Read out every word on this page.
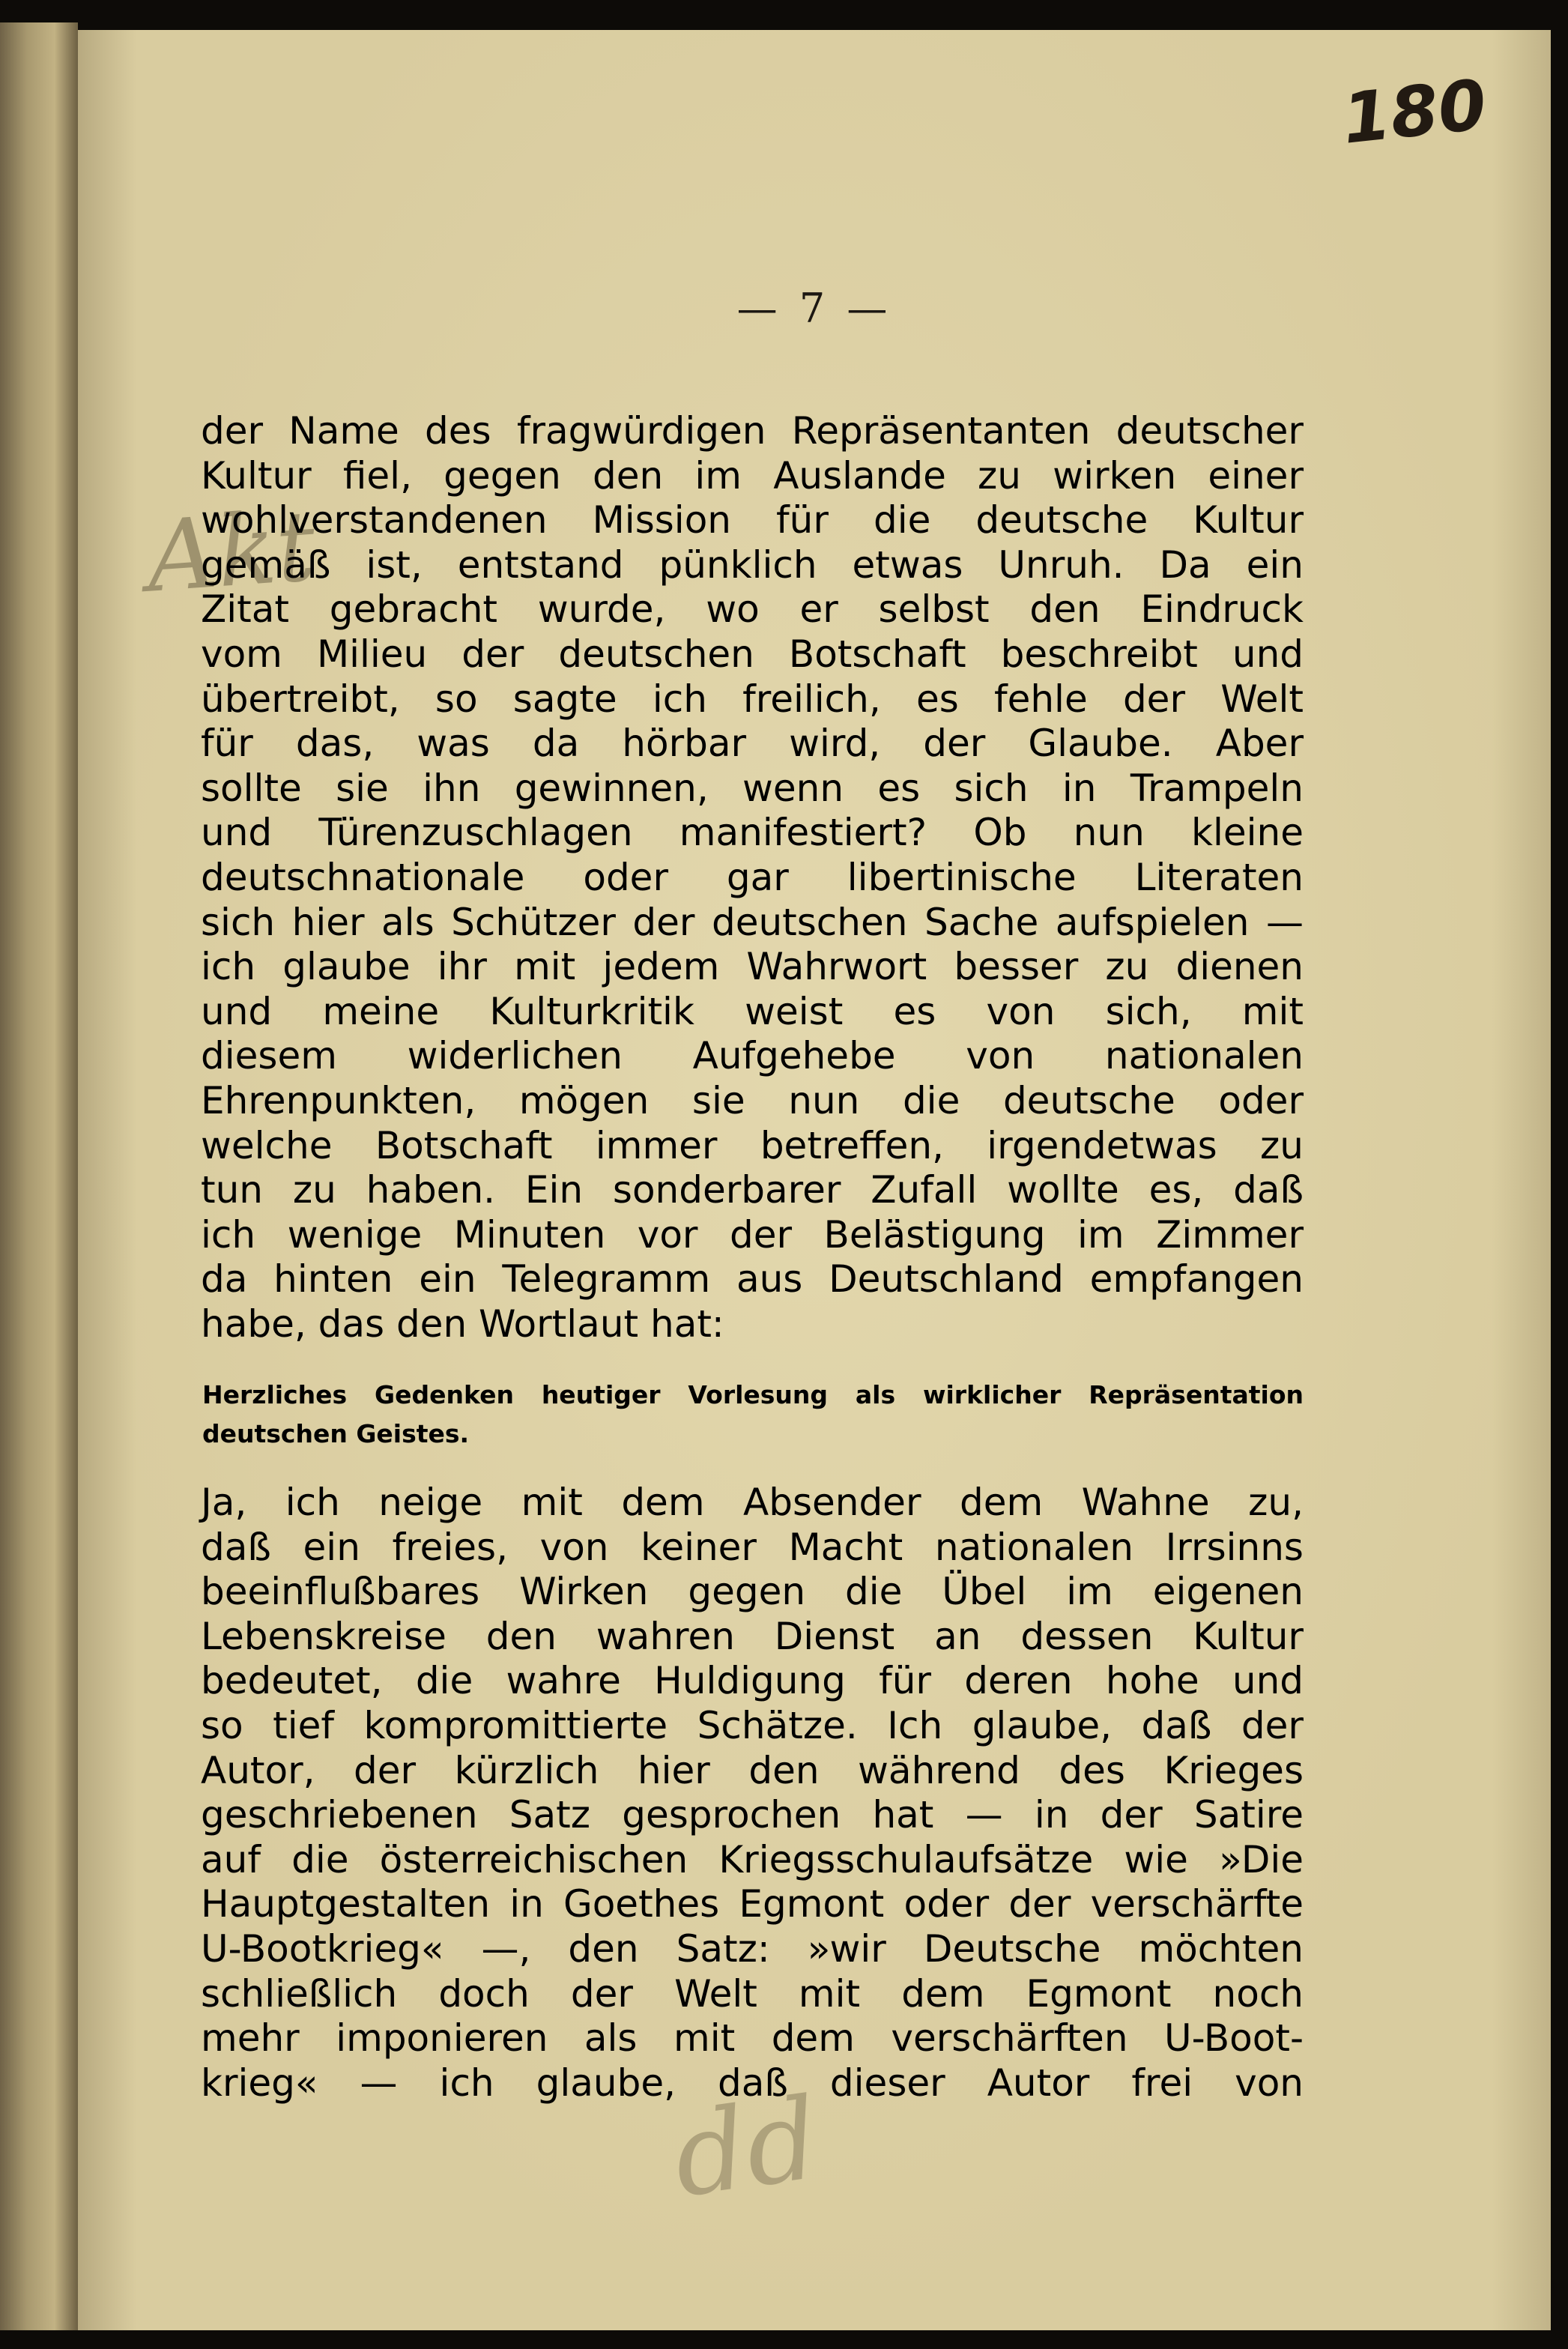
180
— 7 —
Akt
der Name des fragwürdigen Repräsentanten deutscher
Kultur fiel, gegen den im Auslande zu wirken einer
wohlverstandenen Mission für die deutsche Kultur
gemäß ist, entstand pünklich etwas Unruh. Da ein
Zitat gebracht wurde, wo er selbst den Eindruck
vom Milieu der deutschen Botschaft beschreibt und
übertreibt, so sagte ich freilich, es fehle der Welt
für das, was da hörbar wird, der Glaube. Aber
sollte sie ihn gewinnen, wenn es sich in Trampeln
und Türenzuschlagen manifestiert? Ob nun kleine
deutschnationale oder gar libertinische Literaten
sich hier als Schützer der deutschen Sache aufspielen —
ich glaube ihr mit jedem Wahrwort besser zu dienen
und meine Kulturkritik weist es von sich, mit
diesem widerlichen Aufgehebe von nationalen
Ehrenpunkten, mögen sie nun die deutsche oder
welche Botschaft immer betreffen, irgendetwas zu
tun zu haben. Ein sonderbarer Zufall wollte es, daß
ich wenige Minuten vor der Belästigung im Zimmer
da hinten ein Telegramm aus Deutschland empfangen
habe, das den Wortlaut hat:
Herzliches Gedenken heutiger Vorlesung als wirklicher Repräsentation
deutschen Geistes.
Ja, ich neige mit dem Absender dem Wahne zu,
daß ein freies, von keiner Macht nationalen Irrsinns
beeinflußbares Wirken gegen die Übel im eigenen
Lebenskreise den wahren Dienst an dessen Kultur
bedeutet, die wahre Huldigung für deren hohe und
so tief kompromittierte Schätze. Ich glaube, daß der
Autor, der kürzlich hier den während des Krieges
geschriebenen Satz gesprochen hat — in der Satire
auf die österreichischen Kriegsschulaufsätze wie »Die
Hauptgestalten in Goethes Egmont oder der verschärfte
U-Bootkrieg« —, den Satz: »wir Deutsche möchten
schließlich doch der Welt mit dem Egmont noch
mehr imponieren als mit dem verschärften U-Boot-
krieg« — ich glaube, daß dieser Autor frei von
dd
